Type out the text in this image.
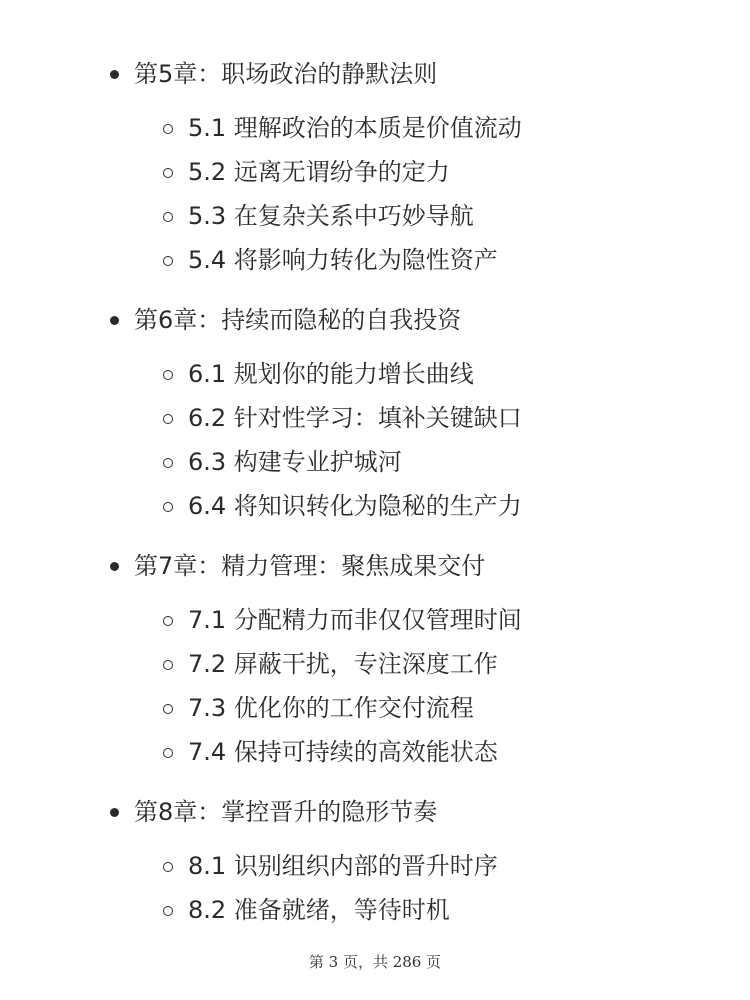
第5章：职场政治的静默法则
5.1 理解政治的本质是价值流动
5.2 远离无谓纷争的定力
5.3 在复杂关系中巧妙导航
5.4 将影响力转化为隐性资产
第6章：持续而隐秘的自我投资
6.1 规划你的能力增长曲线
6.2 针对性学习：填补关键缺口
6.3 构建专业护城河
6.4 将知识转化为隐秘的生产力
第7章：精力管理：聚焦成果交付
7.1 分配精力而非仅仅管理时间
7.2 屏蔽干扰，专注深度工作
7.3 优化你的工作交付流程
7.4 保持可持续的高效能状态
第8章：掌控晋升的隐形节奏
8.1 识别组织内部的晋升时序
8.2 准备就绪，等待时机
第 3 页，共 286 页
